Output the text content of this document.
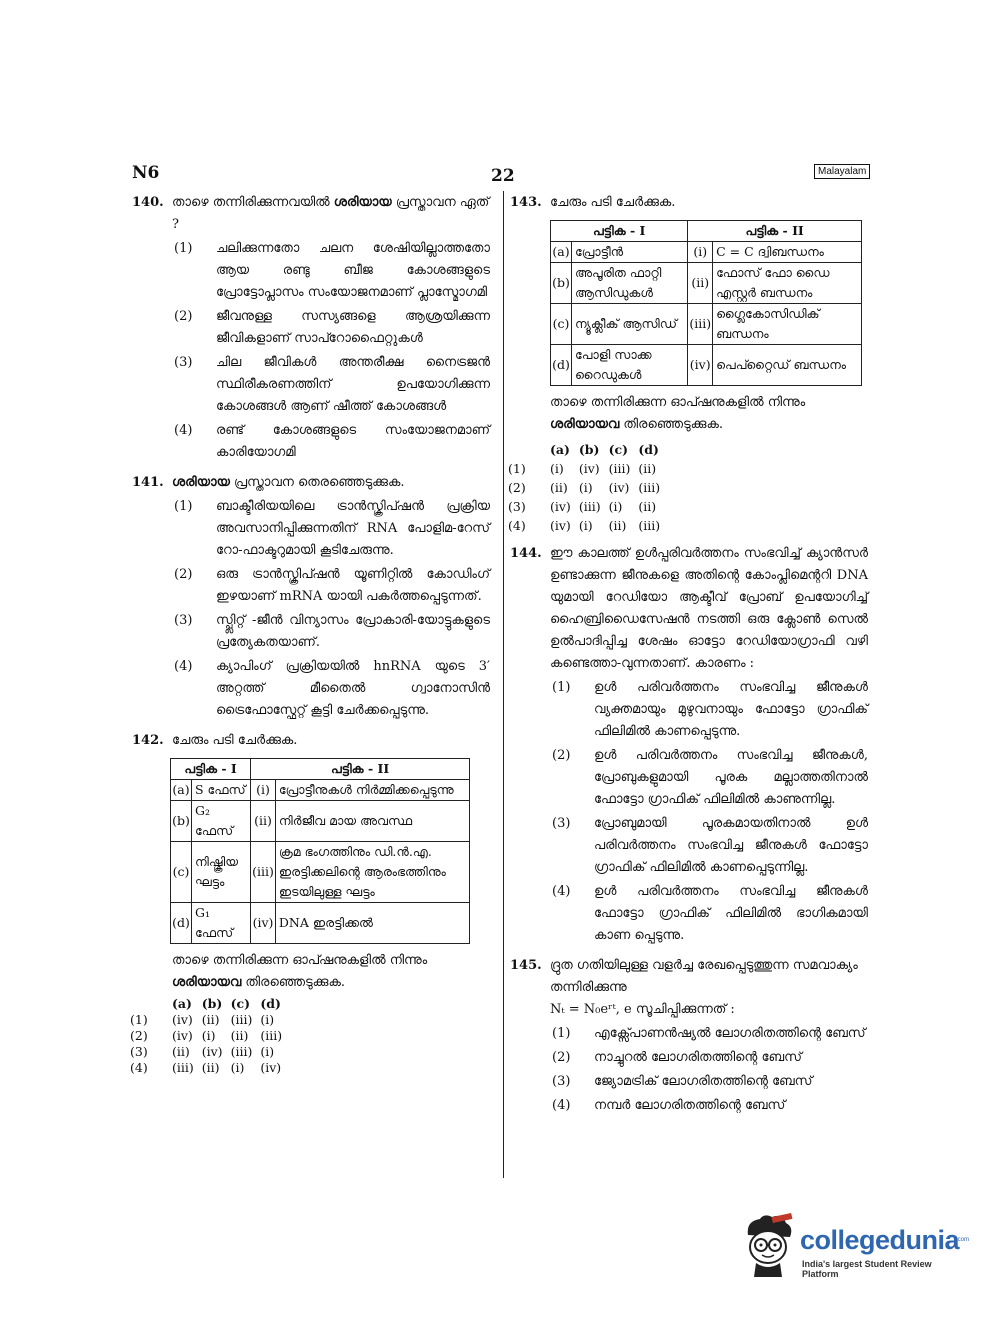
N6	22	Malayalam
140. താഴെ തന്നിരിക്കുന്നവയിൽ ശരിയായ പ്രസ്താവന ഏത് ?
(1)	ചലിക്കുന്നതോ ചലന ശേഷിയില്ലാത്തതോ ആയ രണ്ടു ബീജ കോശങ്ങളുടെ പ്രോട്ടോപ്ലാസം സംയോജനമാണ് പ്ലാസ്മോഗമി
(2)	ജീവനുള്ള സസ്യങ്ങളെ ആശ്രയിക്കുന്ന ജീവികളാണ് സാപ്റോഫൈറ്റുകൾ
(3)	ചില ജീവികൾ അന്തരീക്ഷ നൈട്രജൻ സ്ഥിരീകരണത്തിന് ഉപയോഗിക്കുന്ന കോശങ്ങൾ ആണ് ഷീത്ത് കോശങ്ങൾ
(4)	രണ്ട് കോശങ്ങളുടെ സംയോജനമാണ് കാരിയോഗമി
141. ശരിയായ പ്രസ്താവന തെരഞ്ഞെടുക്കുക.
(1)	ബാക്ടീരിയയിലെ ട്രാൻസ്ക്രിപ്ഷൻ പ്രക്രിയ അവസാനിപ്പിക്കുന്നതിന് RNA പോളിമ-റേസ് റോ-ഫാക്ടറുമായി കൂടിചേരുന്നു.
(2)	ഒരു ട്രാൻസ്ക്രിപ്ഷൻ യൂണിറ്റിൽ കോഡിംഗ് ഇഴയാണ് mRNA യായി പകർത്തപ്പെടുന്നത്.
(3)	സ്പ്ലിറ്റ് -ജീൻ വിന്യാസം പ്രോകാരി-യോട്ടുകളുടെ പ്രത്യേകതയാണ്.
(4)	ക്യാപിംഗ് പ്രക്രിയയിൽ hnRNA യുടെ 3′ അറ്റത്ത് മീതൈൽ ഗ്വാനോസിൻ ട്രൈഫോസ്ഫേറ്റ് കൂട്ടി ചേർക്കപ്പെടുന്നു.
142. ചേരും പടി ചേർക്കുക.
പട്ടിക - I		പട്ടിക - II	
(a)	S ഫേസ്	(i)	പ്രോട്ടീനുകൾ നിർമ്മിക്കപ്പെടുന്നു
(b)	G₂ ഫേസ്	(ii)	നിർജീവ മായ അവസ്ഥ
(c)	നിഷ്ക്രിയ ഘട്ടം	(iii)	ക്രമ ഭംഗത്തിനും ഡി.ൻ.എ. ഇരട്ടിക്കലിന്റെ ആരംഭത്തിനും ഇടയിലുള്ള ഘട്ടം
(d)	G₁ ഫേസ്	(iv)	DNA ഇരട്ടിക്കൽ
താഴെ തന്നിരിക്കുന്ന ഓപ്ഷനുകളിൽ നിന്നും ശരിയായവ തിരഞ്ഞെടുക്കുക.
	(a)	(b)	(c)	(d)
(1)	(iv)	(ii)	(iii)	(i)
(2)	(iv)	(i)	(ii)	(iii)
(3)	(ii)	(iv)	(iii)	(i)
(4)	(iii)	(ii)	(i)	(iv)
143. ചേരും പടി ചേർക്കുക.
പട്ടിക - I		പട്ടിക - II	
(a)	പ്രോട്ടീൻ	(i)	C = C ദ്വിബന്ധനം
(b)	അപൂരിത ഫാറ്റി ആസിഡുകൾ	(ii)	ഫോസ് ഫോ ഡൈ എസ്റ്റർ ബന്ധനം
(c)	ന്യൂക്ലീക് ആസിഡ്	(iii)	ഗ്ലൈകോസിഡിക് ബന്ധനം
(d)	പോളി സാക്ക റൈഡുകൾ	(iv)	പെപ്റ്റൈഡ് ബന്ധനം
താഴെ തന്നിരിക്കുന്ന ഓപ്ഷനുകളിൽ നിന്നും ശരിയായവ തിരഞ്ഞെടുക്കുക.
	(a)	(b)	(c)	(d)
(1)	(i)	(iv)	(iii)	(ii)
(2)	(ii)	(i)	(iv)	(iii)
(3)	(iv)	(iii)	(i)	(ii)
(4)	(iv)	(i)	(ii)	(iii)
144. ഈ കാലത്ത് ഉൾപ്പരിവർത്തനം സംഭവിച്ച് ക്യാൻസർ ഉണ്ടാക്കുന്ന ജീനുകളെ അതിന്റെ കോംപ്ലിമെന്ററി DNA യുമായി റേഡിയോ ആക്ടീവ് പ്രോബ് ഉപയോഗിച്ച് ഹൈബ്രിഡൈസേഷൻ നടത്തി ഒരു ക്ലോൺ സെൽ ഉൽപാദിപ്പിച്ച ശേഷം ഓട്ടോ റേഡിയോഗ്രാഫി വഴി കണ്ടെത്താ-വുന്നതാണ്. കാരണം :
(1)	ഉൾ പരിവർത്തനം സംഭവിച്ച ജീനുകൾ വ്യക്തമായും മുഴുവനായും ഫോട്ടോ ഗ്രാഫിക് ഫിലിമിൽ കാണപ്പെടുന്നു.
(2)	ഉൾ പരിവർത്തനം സംഭവിച്ച ജീനുകൾ, പ്രോബുകളുമായി പൂരക മല്ലാത്തതിനാൽ ഫോട്ടോ ഗ്രാഫിക് ഫിലിമിൽ കാണുന്നില്ല.
(3)	പ്രോബുമായി പൂരകമായതിനാൽ ഉൾ പരിവർത്തനം സംഭവിച്ച ജീനുകൾ ഫോട്ടോ ഗ്രാഫിക് ഫിലിമിൽ കാണപ്പെടുന്നില്ല.
(4)	ഉൾ പരിവർത്തനം സംഭവിച്ച ജീനുകൾ ഫോട്ടോ ഗ്രാഫിക് ഫിലിമിൽ ഭാഗികമായി കാണ പ്പെടുന്നു.
145. ദ്രുത ഗതിയിലുള്ള വളർച്ച രേഖപ്പെടുത്തുന്ന സമവാക്യം തന്നിരിക്കുന്നു
Nₜ = N₀eʳᵗ, e സൂചിപ്പിക്കുന്നത് :
(1)	എക്സ്പോണൻഷ്യൽ ലോഗരിതത്തിന്റെ ബേസ്
(2)	നാച്ചുറൽ ലോഗരിതത്തിന്റെ ബേസ്
(3)	ജ്യോമട്രിക് ലോഗരിതത്തിന്റെ ബേസ്
(4)	നമ്പർ ലോഗരിതത്തിന്റെ ബേസ്
collegedunia
.com
India's largest Student Review Platform
